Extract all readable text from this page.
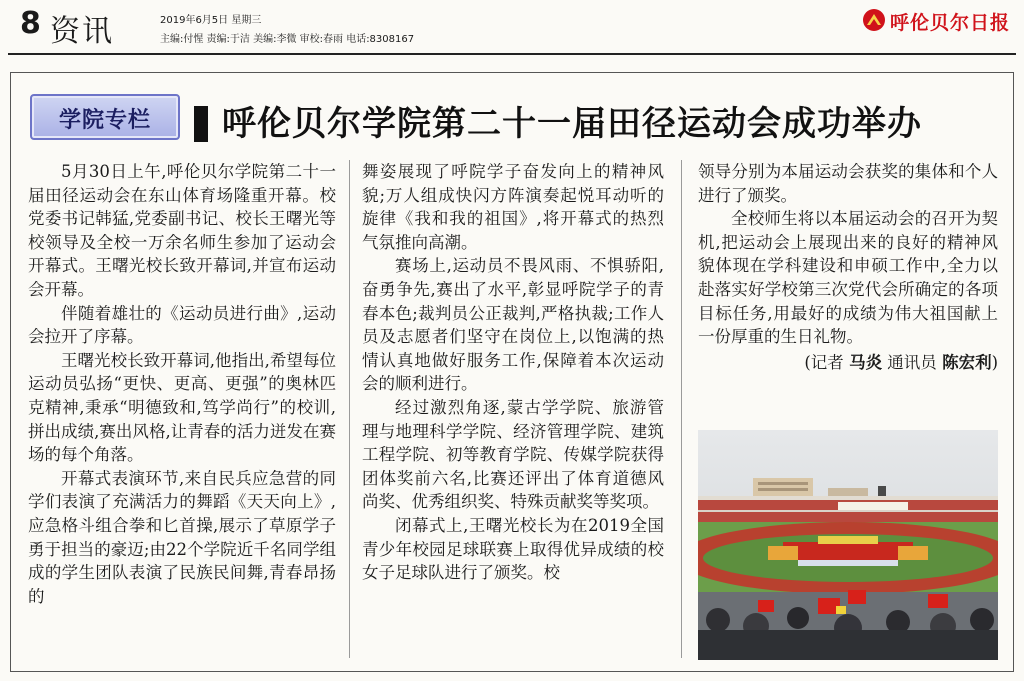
8 资讯	2019年6月5日 星期三
主编:付惺 责编:于洁 美编:李微 审校:春雨 电话:8308167
呼伦贝尔日报
学院专栏	呼伦贝尔学院第二十一届田径运动会成功举办

5月30日上午,呼伦贝尔学院第二十一届田径运动会在东山体育场隆重开幕。校党委书记韩猛,党委副书记、校长王曙光等校领导及全校一万余名师生参加了运动会开幕式。王曙光校长致开幕词,并宣布运动会开幕。

伴随着雄壮的《运动员进行曲》,运动会拉开了序幕。

王曙光校长致开幕词,他指出,希望每位运动员弘扬“更快、更高、更强”的奥林匹克精神,秉承“明德致和,笃学尚行”的校训,拼出成绩,赛出风格,让青春的活力迸发在赛场的每个角落。

开幕式表演环节,来自民兵应急营的同学们表演了充满活力的舞蹈《天天向上》,应急格斗组合拳和匕首操,展示了草原学子勇于担当的豪迈;由22个学院近千名同学组成的学生团队表演了民族民间舞,青春昂扬的

舞姿展现了呼院学子奋发向上的精神风貌;万人组成快闪方阵演奏起悦耳动听的旋律《我和我的祖国》,将开幕式的热烈气氛推向高潮。

赛场上,运动员不畏风雨、不惧骄阳,奋勇争先,赛出了水平,彰显呼院学子的青春本色;裁判员公正裁判,严格执裁;工作人员及志愿者们坚守在岗位上,以饱满的热情认真地做好服务工作,保障着本次运动会的顺利进行。

经过激烈角逐,蒙古学学院、旅游管理与地理科学学院、经济管理学院、建筑工程学院、初等教育学院、传媒学院获得团体奖前六名,比赛还评出了体育道德风尚奖、优秀组织奖、特殊贡献奖等奖项。

闭幕式上,王曙光校长为在2019全国青少年校园足球联赛上取得优异成绩的校女子足球队进行了颁奖。校

领导分别为本届运动会获奖的集体和个人进行了颁奖。

全校师生将以本届运动会的召开为契机,把运动会上展现出来的良好的精神风貌体现在学科建设和申硕工作中,全力以赴落实好学校第三次党代会所确定的各项目标任务,用最好的成绩为伟大祖国献上一份厚重的生日礼物。

(记者 马炎 通讯员 陈宏利)
